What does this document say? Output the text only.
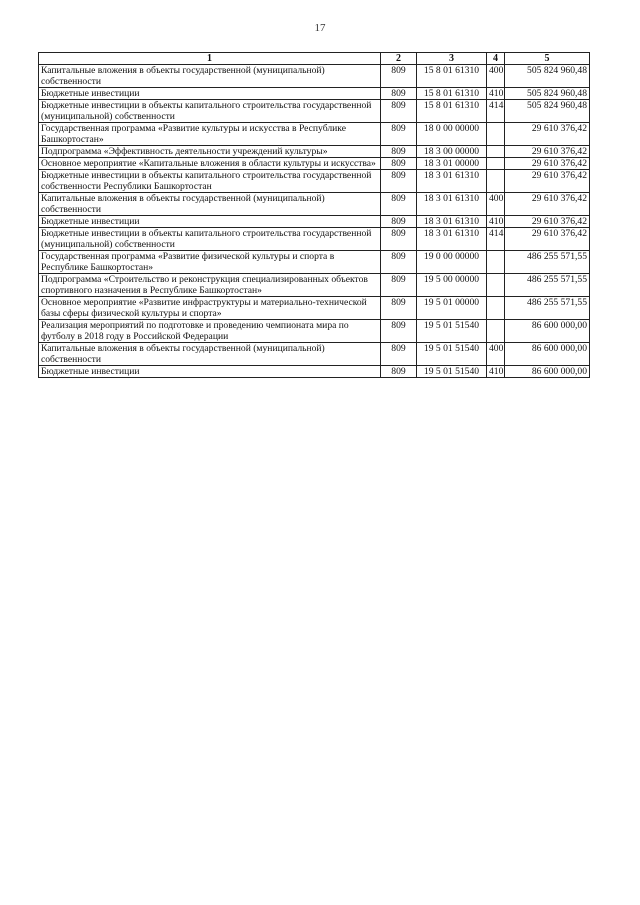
17
1	2	3	4	5
Капитальные вложения в объекты государственной (муниципальной) собственности	809	15 8 01 61310	400	505 824 960,48
Бюджетные инвестиции	809	15 8 01 61310	410	505 824 960,48
Бюджетные инвестиции в объекты капитального строительства государственной (муниципальной) собственности	809	15 8 01 61310	414	505 824 960,48
Государственная программа «Развитие культуры и искусства в Республике Башкортостан»	809	18 0 00 00000		29 610 376,42
Подпрограмма «Эффективность деятельности учреждений культуры»	809	18 3 00 00000		29 610 376,42
Основное мероприятие «Капитальные вложения в области культуры и искусства»	809	18 3 01 00000		29 610 376,42
Бюджетные инвестиции в объекты капитального строительства государственной собственности Республики Башкортостан	809	18 3 01 61310		29 610 376,42
Капитальные вложения в объекты государственной (муниципальной) собственности	809	18 3 01 61310	400	29 610 376,42
Бюджетные инвестиции	809	18 3 01 61310	410	29 610 376,42
Бюджетные инвестиции в объекты капитального строительства государственной (муниципальной) собственности	809	18 3 01 61310	414	29 610 376,42
Государственная программа «Развитие физической культуры и спорта в Республике Башкортостан»	809	19 0 00 00000		486 255 571,55
Подпрограмма «Строительство и реконструкция специализированных объектов спортивного назначения в Республике Башкортостан»	809	19 5 00 00000		486 255 571,55
Основное мероприятие «Развитие инфраструктуры и материально-технической базы сферы физической культуры и спорта»	809	19 5 01 00000		486 255 571,55
Реализация мероприятий по подготовке и проведению чемпионата мира по футболу в 2018 году в Российской Федерации	809	19 5 01 51540		86 600 000,00
Капитальные вложения в объекты государственной (муниципальной) собственности	809	19 5 01 51540	400	86 600 000,00
Бюджетные инвестиции	809	19 5 01 51540	410	86 600 000,00
